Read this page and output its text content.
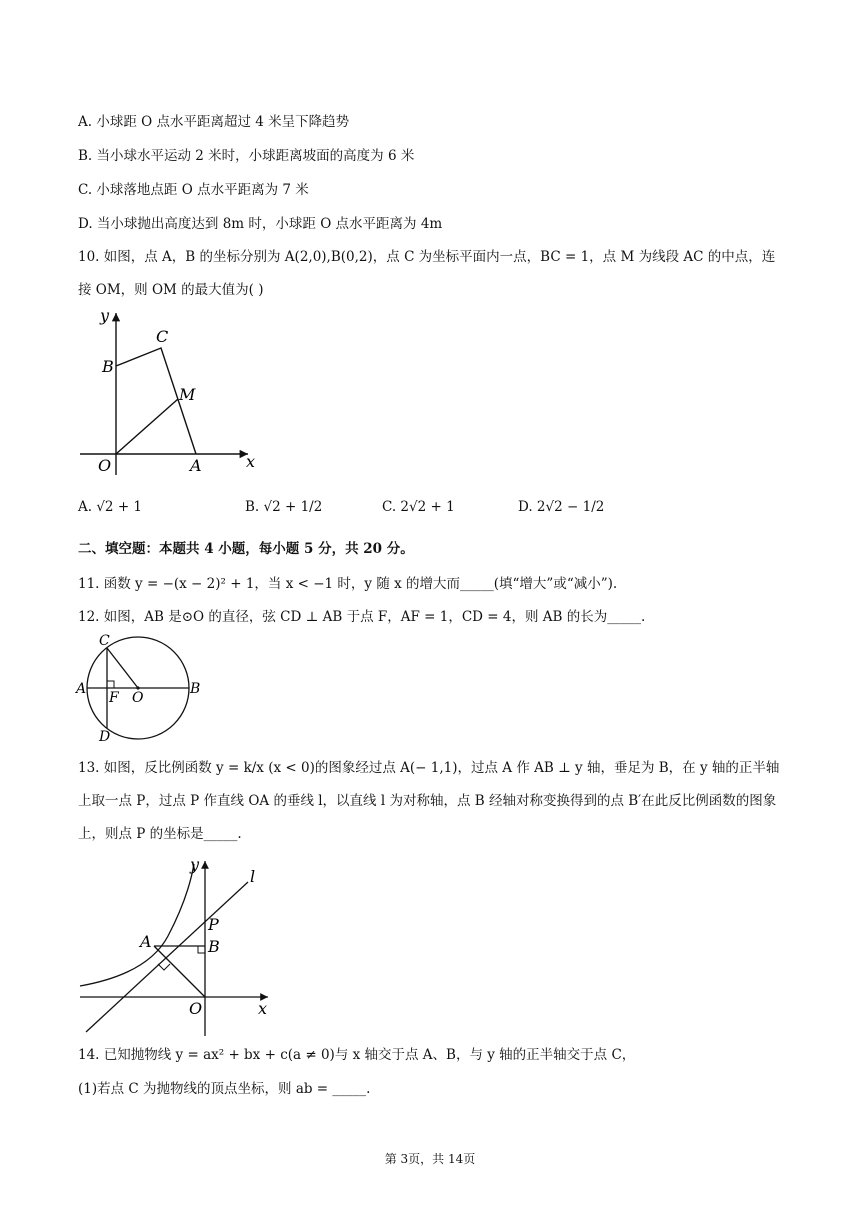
A. 小球距 O 点水平距离超过 4 米呈下降趋势
B. 当小球水平运动 2 米时，小球距离坡面的高度为 6 米
C. 小球落地点距 O 点水平距离为 7 米
D. 当小球抛出高度达到 8m 时，小球距 O 点水平距离为 4m
10. 如图，点 A，B 的坐标分别为 A(2,0),B(0,2)，点 C 为坐标平面内一点，BC = 1，点 M 为线段 AC 的中点，连接 OM，则 OM 的最大值为( )
y
x
O	A
B
C
M
A. √2 + 1	B. √2 + 1/2	C. 2√2 + 1	D. 2√2 − 1/2
二、填空题：本题共 4 小题，每小题 5 分，共 20 分。
11. 函数 y = −(x − 2)² + 1，当 x < −1 时，y 随 x 的增大而_____(填“增大”或“减小”).
12. 如图，AB 是⊙O 的直径，弦 CD ⊥ AB 于点 F，AF = 1，CD = 4，则 AB 的长为_____.
C
A
F O
B
D
13. 如图，反比例函数 y = k/x (x < 0)的图象经过点 A(− 1,1)，过点 A 作 AB ⊥ y 轴，垂足为 B，在 y 轴的正半轴上取一点 P，过点 P 作直线 OA 的垂线 l，以直线 l 为对称轴，点 B 经轴对称变换得到的点 B′在此反比例函数的图象上，则点 P 的坐标是_____.
y
l
P
A	B
O	x
14. 已知抛物线 y = ax² + bx + c(a ≠ 0)与 x 轴交于点 A、B，与 y 轴的正半轴交于点 C，
(1)若点 C 为抛物线的顶点坐标，则 ab = _____.
第 3页，共 14页
